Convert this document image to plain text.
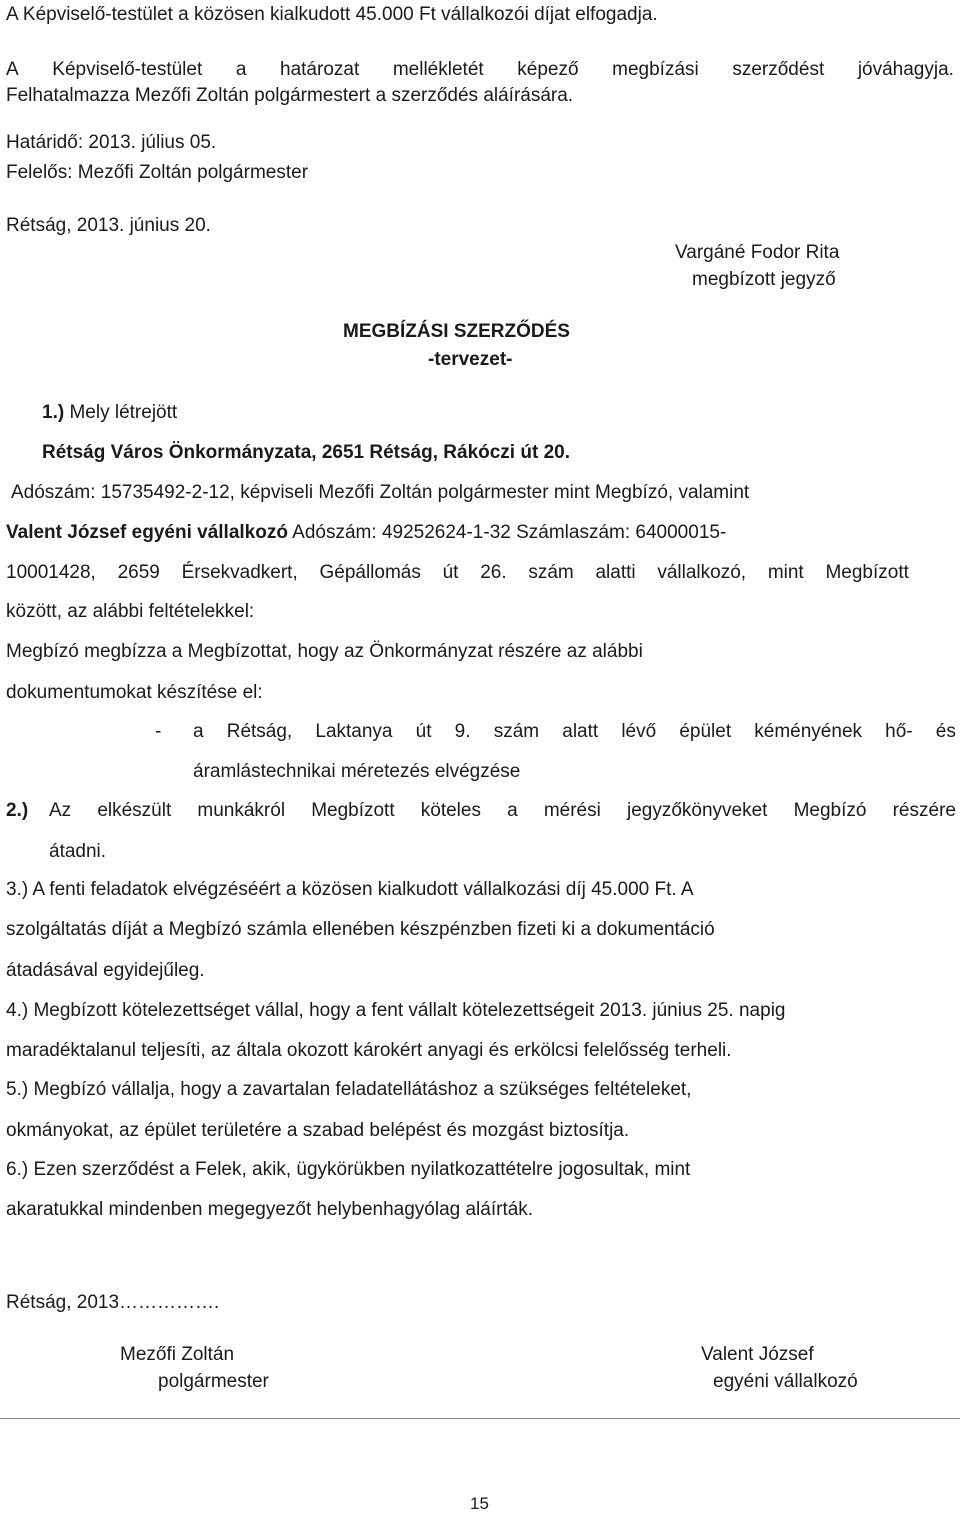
A Képviselő-testület a közösen kialkudott 45.000 Ft vállalkozói díjat elfogadja.
A Képviselő-testület a határozat mellékletét képező megbízási szerződést jóváhagyja.
Felhatalmazza Mezőfi Zoltán polgármestert a szerződés aláírására.
Határidő: 2013. július 05.
Felelős: Mezőfi Zoltán polgármester
Rétság, 2013. június 20.
Vargáné Fodor Rita
megbízott jegyző
MEGBÍZÁSI SZERZŐDÉS
-tervezet-
1.) Mely létrejött
Rétság Város Önkormányzata, 2651 Rétság, Rákóczi út 20.
Adószám: 15735492-2-12, képviseli Mezőfi Zoltán polgármester mint Megbízó, valamint
Valent József egyéni vállalkozó Adószám: 49252624-1-32 Számlaszám: 64000015-
10001428, 2659 Érsekvadkert, Gépállomás út 26. szám alatti vállalkozó, mint Megbízott
között, az alábbi feltételekkel:
Megbízó megbízza a Megbízottat, hogy az Önkormányzat részére az alábbi
dokumentumokat készítése el:
- a Rétság, Laktanya út 9. szám alatt lévő épület kéményének hő- és
áramlástechnikai méretezés elvégzése
2.) Az elkészült munkákról Megbízott köteles a mérési jegyzőkönyveket Megbízó részére
átadni.
3.) A fenti feladatok elvégzéséért a közösen kialkudott vállalkozási díj 45.000 Ft. A
szolgáltatás díját a Megbízó számla ellenében készpénzben fizeti ki a dokumentáció
átadásával egyidejűleg.
4.) Megbízott kötelezettséget vállal, hogy a fent vállalt kötelezettségeit 2013. június 25. napig
maradéktalanul teljesíti, az általa okozott károkért anyagi és erkölcsi felelősség terheli.
5.) Megbízó vállalja, hogy a zavartalan feladatellátáshoz a szükséges feltételeket,
okmányokat, az épület területére a szabad belépést és mozgást biztosítja.
6.) Ezen szerződést a Felek, akik, ügykörükben nyilatkozattételre jogosultak, mint
akaratukkal mindenben megegyezőt helybenhagyólag aláírták.
Rétság, 2013…………….
Mezőfi Zoltán
polgármester
Valent József
egyéni vállalkozó
15
